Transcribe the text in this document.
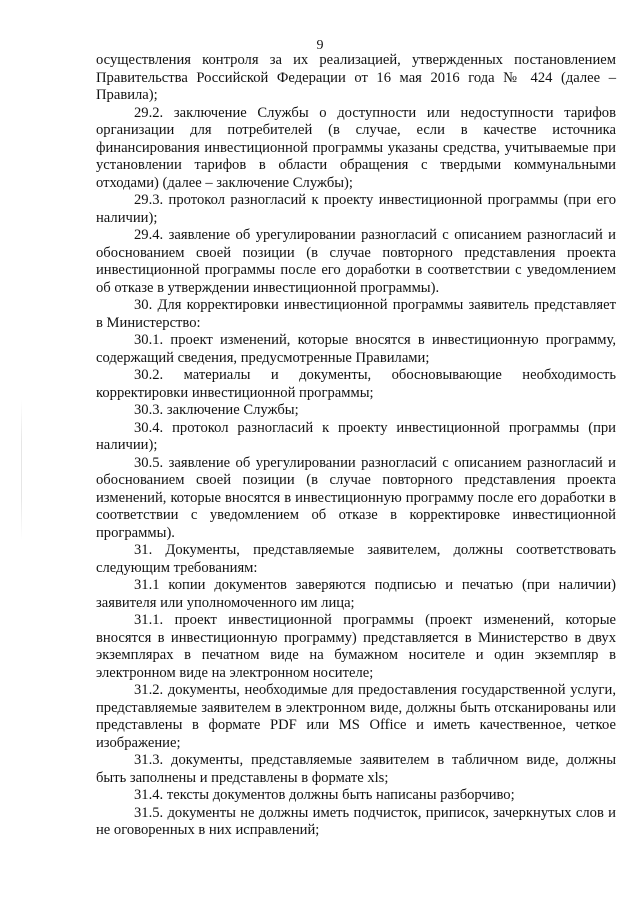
9

осуществления контроля за их реализацией, утвержденных постановлением Правительства Российской Федерации от 16 мая 2016 года № 424 (далее – Правила);

29.2. заключение Службы о доступности или недоступности тарифов организации для потребителей (в случае, если в качестве источника финансирования инвестиционной программы указаны средства, учитываемые при установлении тарифов в области обращения с твердыми коммунальными отходами) (далее – заключение Службы);

29.3. протокол разногласий к проекту инвестиционной программы (при его наличии);

29.4. заявление об урегулировании разногласий с описанием разногласий и обоснованием своей позиции (в случае повторного представления проекта инвестиционной программы после его доработки в соответствии с уведомлением об отказе в утверждении инвестиционной программы).

30. Для корректировки инвестиционной программы заявитель представляет в Министерство:

30.1. проект изменений, которые вносятся в инвестиционную программу, содержащий сведения, предусмотренные Правилами;

30.2. материалы и документы, обосновывающие необходимость корректировки инвестиционной программы;

30.3. заключение Службы;

30.4. протокол разногласий к проекту инвестиционной программы (при наличии);

30.5. заявление об урегулировании разногласий с описанием разногласий и обоснованием своей позиции (в случае повторного представления проекта изменений, которые вносятся в инвестиционную программу после его доработки в соответствии с уведомлением об отказе в корректировке инвестиционной программы).

31. Документы, представляемые заявителем, должны соответствовать следующим требованиям:

31.1 копии документов заверяются подписью и печатью (при наличии) заявителя или уполномоченного им лица;

31.1. проект инвестиционной программы (проект изменений, которые вносятся в инвестиционную программу) представляется в Министерство в двух экземплярах в печатном виде на бумажном носителе и один экземпляр в электронном виде на электронном носителе;

31.2. документы, необходимые для предоставления государственной услуги, представляемые заявителем в электронном виде, должны быть отсканированы или представлены в формате PDF или MS Office и иметь качественное, четкое изображение;

31.3. документы, представляемые заявителем в табличном виде, должны быть заполнены и представлены в формате xls;

31.4. тексты документов должны быть написаны разборчиво;

31.5. документы не должны иметь подчисток, приписок, зачеркнутых слов и не оговоренных в них исправлений;
